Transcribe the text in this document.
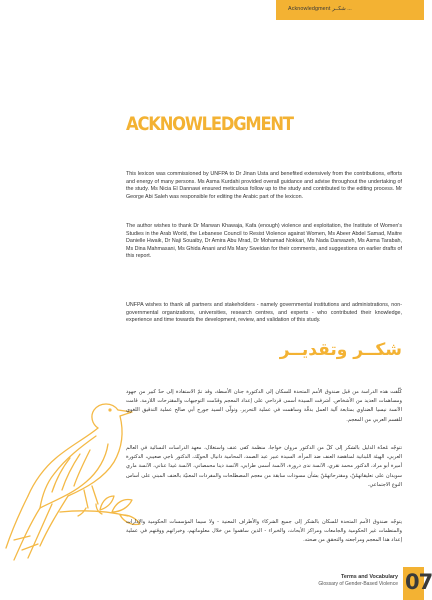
Acknowledgment شكــر ...
ACKNOWLEDGMENT

This lexicon was commissioned by UNFPA to Dr Jinan Usta and benefited extensively from the contributions, efforts and energy of many persons. Ms Asma Kurdahi provided overall guidance and advise throughout the undertaking of the study. Ms Nicia El Dannawi ensured meticulous follow up to the study and contributed to the editing process. Mr George Abi Saleh was responsible for editing the Arabic part of the lexicon.

The author wishes to thank Dr Marwan Khawaja, Kafa (enough) violence and exploitation, the Institute of Women's Studies in the Arab World, the Lebanese Council to Resist Violence against Women, Ms Abeer Abdel Samad, Maitre Danielle Hwaik, Dr Naji Souaiby, Dr Amira Abu Mrad, Dr Mohamad Nokkari, Ms Nada Darwazeh, Ms Asma Tarabah, Ms Dina Mahmasani, Ms Ghida Anani and Ms Mary Sweidan for their comments, and suggestions on earlier drafts of this report.

UNFPA wishes to thank all partners and stakeholders - namely governmental institutions and administrations, non-governmental organizations, universities, research centres, and experts - who contributed their knowledge, experience and time towards the development, review, and validation of this study.

شكــر وتقديــر

كُلّفت هذه الدراسة من قبل صندوق الأمم المتحدة للسكان إلى الدكتورة جنان الأسطة، وقد تمّ الاستفادة إلى حدّ كبير من جهود ومساهمات العديد من الأشخاص. أشرفت السيدة أسمى قرداحي على إعداد المعجم وقدّمت التوجيهات والمقترحات اللازمة. قامت الآنسة نيسيا الضناوي بمتابعة آلية العمل بدقّة وساهمت في عملية التحرير. وتولّى السيد جورج أبي صالح عملية التدقيق اللغوي للقسم العربي من المعجم.

تتوجّه مُعدّة الدليل بالشكر إلى كلّ من الدكتور مروان خواجا، منظمة كفى عنف واستغلال، معهد الدراسات النسائية في العالم العربي، الهيئة اللبنانية لمناهضة العنف ضد المرأة، السيدة عبير عبد الصمد، المحامية دانيال الحويّك، الدكتور ناجي صعيبي، الدكتورة أميرة أبو مراد، الدكتور محمد نقري، الآنسة ندى دروزة، الآنسة أسمى طرابي، الآنسة دينا محمصاني، الآنسة غيدا عناني، الآنسة ماري سويدان على تعليقاتهمُنّ، ومقترحاتهمُنّ بشأن مسودات سابقة من معجم المصطلحات والمفردات المعنيّة بالعنف المبني على أساس النوع الاجتماعي.

يتوجّه صندوق الأمم المتحدة للسكان بالشكر إلى جميع الشركاء والأطراف المعنية - ولا سيما المؤسسات الحكومية والإدارات والمنظمات غير الحكومية والجامعات ومراكز الأبحاث، والخبراء - الذين ساهموا من خلال معلوماتهم، وخبراتهم ووقتهم في عملية إعداد هذا المعجم ومراجعته والتحقق من صحته.

Terms and Vocabulary
Glossary of Gender-Based Violence 07
